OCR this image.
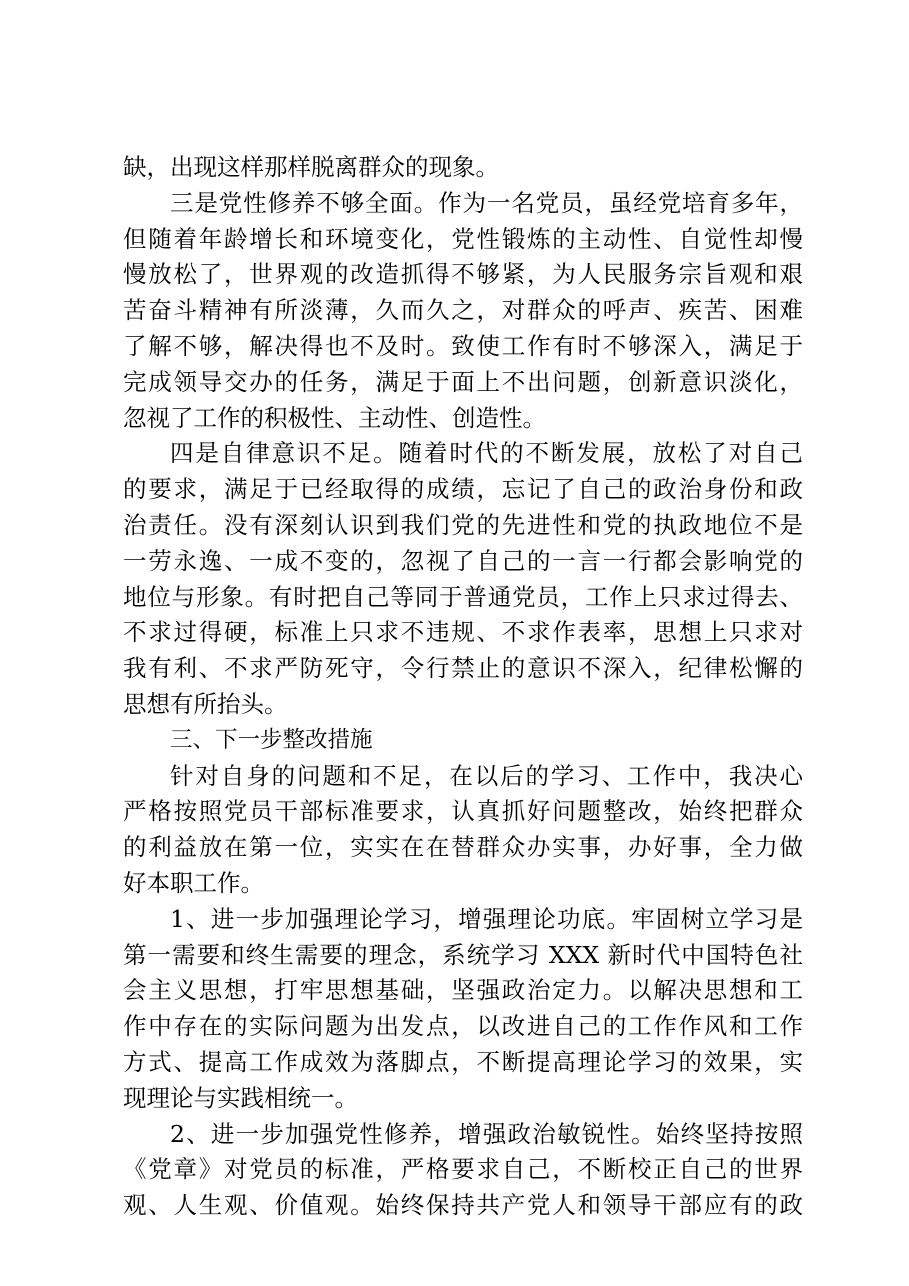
缺，出现这样那样脱离群众的现象。
三是党性修养不够全面。作为一名党员，虽经党培育多年，
但随着年龄增长和环境变化，党性锻炼的主动性、自觉性却慢
慢放松了，世界观的改造抓得不够紧，为人民服务宗旨观和艰
苦奋斗精神有所淡薄，久而久之，对群众的呼声、疾苦、困难
了解不够，解决得也不及时。致使工作有时不够深入，满足于
完成领导交办的任务，满足于面上不出问题，创新意识淡化，
忽视了工作的积极性、主动性、创造性。
四是自律意识不足。随着时代的不断发展，放松了对自己
的要求，满足于已经取得的成绩，忘记了自己的政治身份和政
治责任。没有深刻认识到我们党的先进性和党的执政地位不是
一劳永逸、一成不变的，忽视了自己的一言一行都会影响党的
地位与形象。有时把自己等同于普通党员，工作上只求过得去、
不求过得硬，标准上只求不违规、不求作表率，思想上只求对
我有利、不求严防死守，令行禁止的意识不深入，纪律松懈的
思想有所抬头。
三、下一步整改措施
针对自身的问题和不足，在以后的学习、工作中，我决心
严格按照党员干部标准要求，认真抓好问题整改，始终把群众
的利益放在第一位，实实在在替群众办实事，办好事，全力做
好本职工作。
1、进一步加强理论学习，增强理论功底。牢固树立学习是
第一需要和终生需要的理念，系统学习 XXX 新时代中国特色社
会主义思想，打牢思想基础，坚强政治定力。以解决思想和工
作中存在的实际问题为出发点，以改进自己的工作作风和工作
方式、提高工作成效为落脚点，不断提高理论学习的效果，实
现理论与实践相统一。
2、进一步加强党性修养，增强政治敏锐性。始终坚持按照
《党章》对党员的标准，严格要求自己，不断校正自己的世界
观、人生观、价值观。始终保持共产党人和领导干部应有的政
